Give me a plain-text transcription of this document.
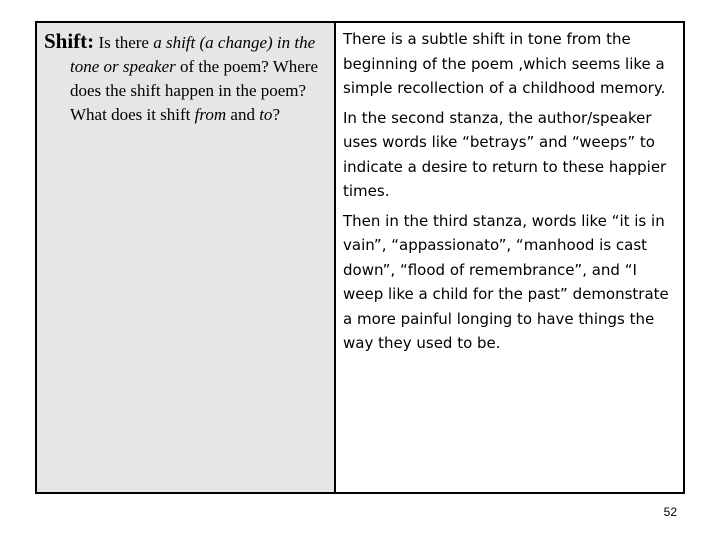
Shift: Is there a shift (a change) in the tone or speaker of the poem? Where does the shift happen in the poem? What does it shift from and to?

There is a subtle shift in tone from the beginning of the poem ,which seems like a simple recollection of a childhood memory.

In the second stanza, the author/speaker uses words like “betrays” and “weeps” to indicate a desire to return to these happier times.

Then in the third stanza, words like “it is in vain”, “appassionato”, “manhood is cast down”, “flood of remembrance”, and “I weep like a child for the past” demonstrate a more painful longing to have things the way they used to be.

52
